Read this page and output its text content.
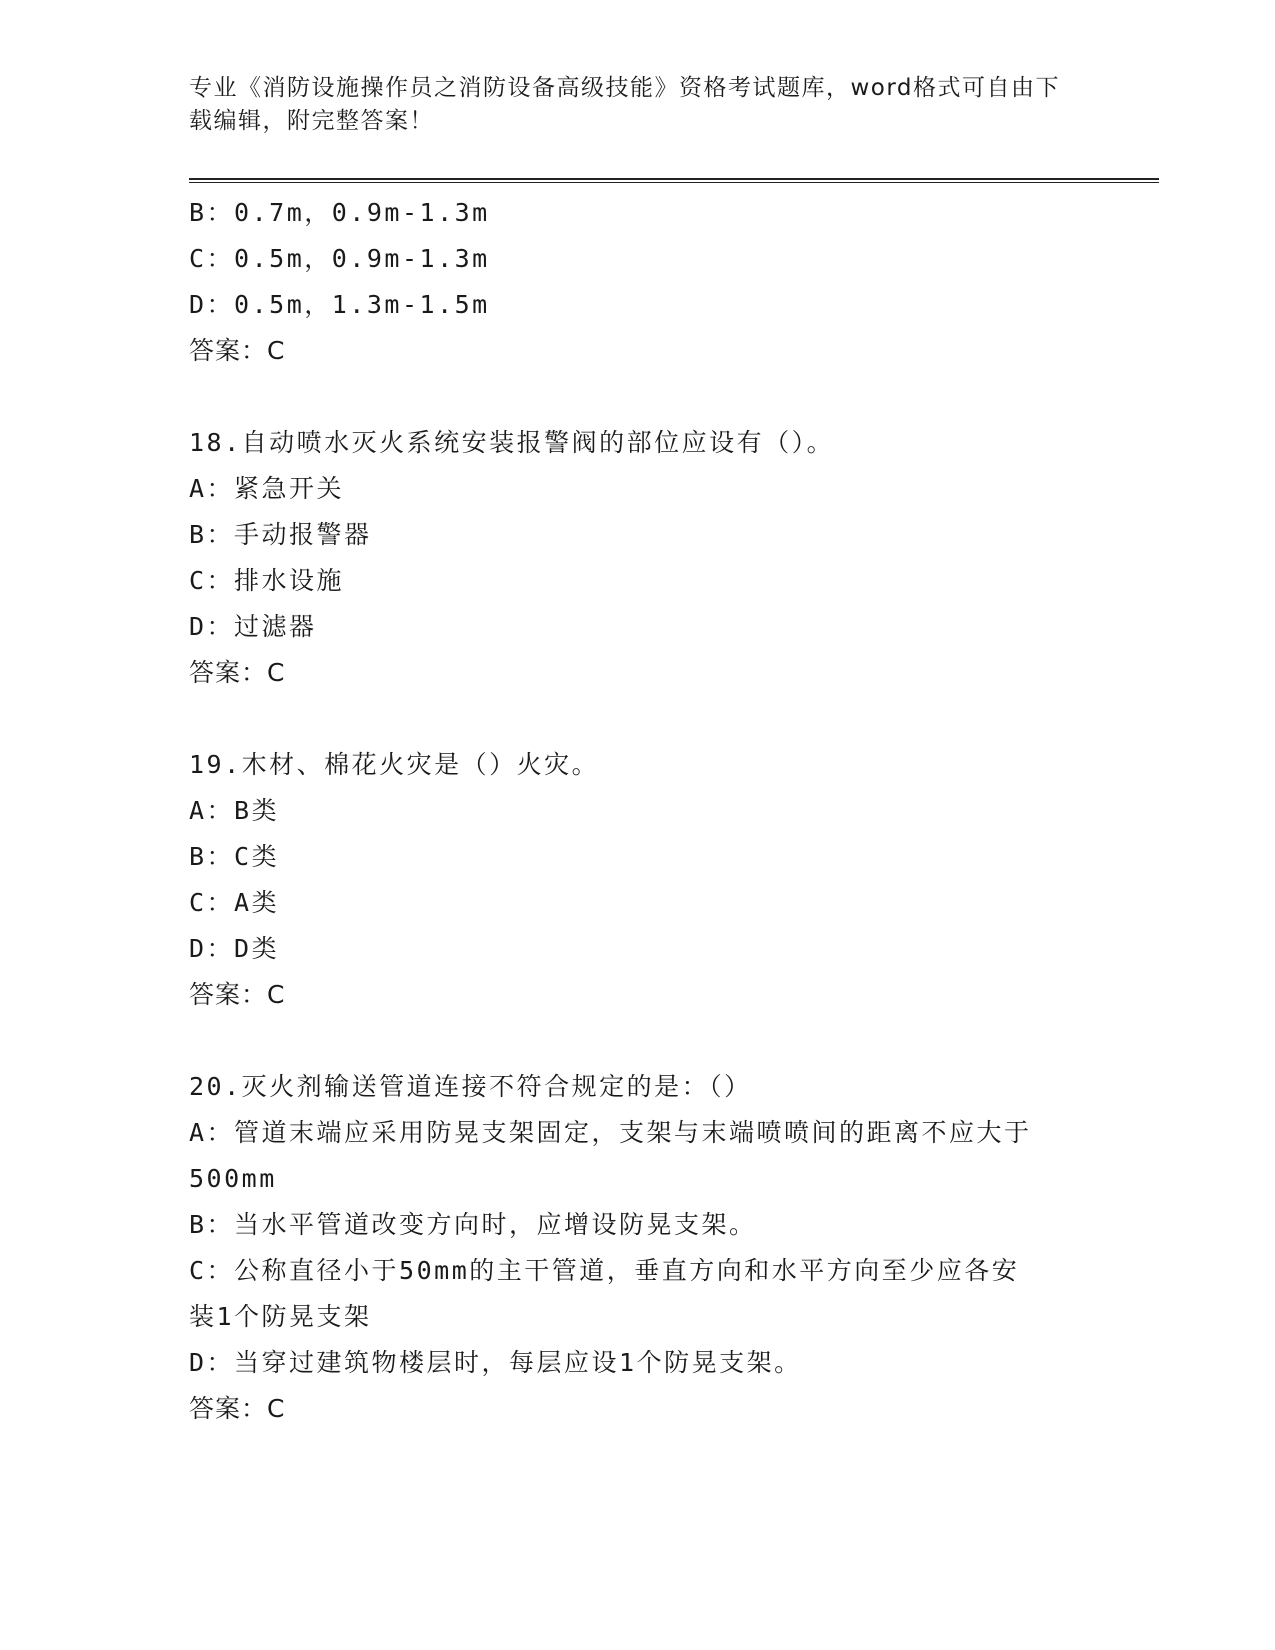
专业《消防设施操作员之消防设备高级技能》资格考试题库，word格式可自由下
载编辑，附完整答案！
B：0.7m，0.9m-1.3m
C：0.5m，0.9m-1.3m
D：0.5m，1.3m-1.5m
答案：C
18.自动喷水灭火系统安装报警阀的部位应设有（）。
A：紧急开关
B：手动报警器
C：排水设施
D：过滤器
答案：C
19.木材、棉花火灾是（）火灾。
A：B类
B：C类
C：A类
D：D类
答案：C
20.灭火剂输送管道连接不符合规定的是：（）
A：管道末端应采用防晃支架固定，支架与末端喷喷间的距离不应大于
500mm
B：当水平管道改变方向时，应增设防晃支架。
C：公称直径小于50mm的主干管道，垂直方向和水平方向至少应各安
装1个防晃支架
D：当穿过建筑物楼层时，每层应设1个防晃支架。
答案：C
